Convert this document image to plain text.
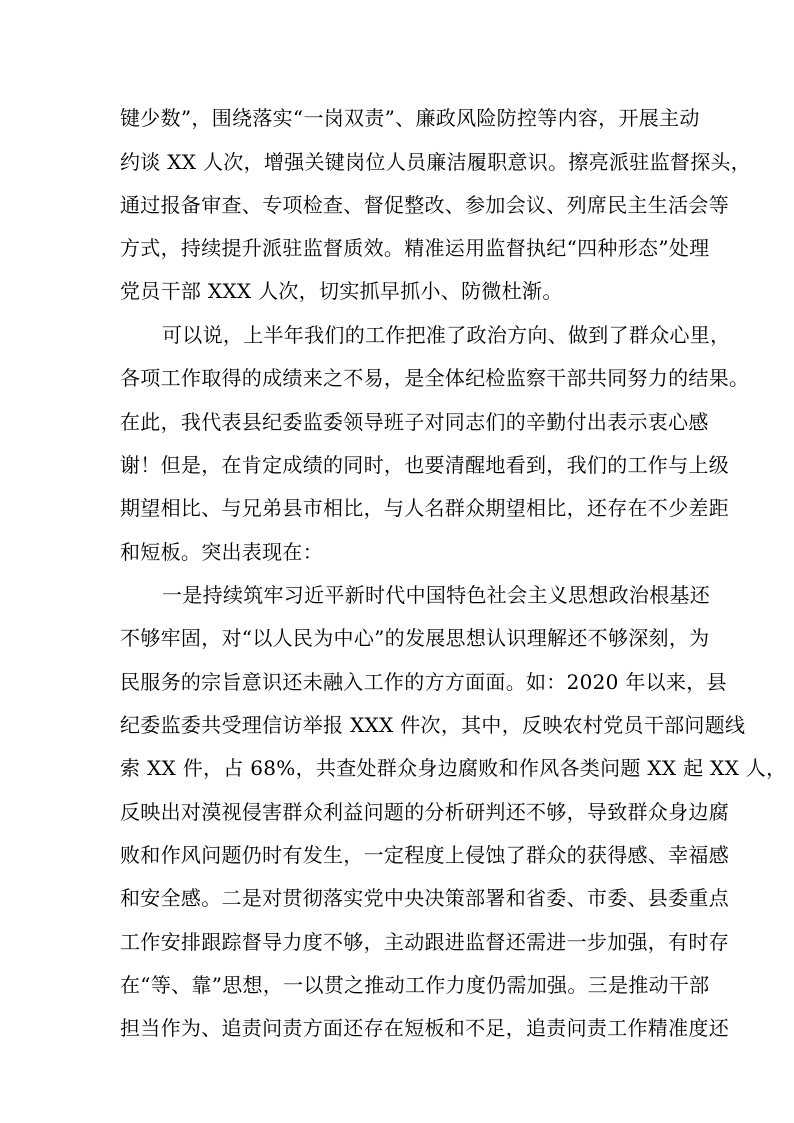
键少数”，围绕落实“一岗双责”、廉政风险防控等内容，开展主动
约谈 XX 人次，增强关键岗位人员廉洁履职意识。擦亮派驻监督探头，
通过报备审查、专项检查、督促整改、参加会议、列席民主生活会等
方式，持续提升派驻监督质效。精准运用监督执纪“四种形态”处理
党员干部 XXX 人次，切实抓早抓小、防微杜渐。
可以说，上半年我们的工作把准了政治方向、做到了群众心里，
各项工作取得的成绩来之不易，是全体纪检监察干部共同努力的结果。
在此，我代表县纪委监委领导班子对同志们的辛勤付出表示衷心感
谢！但是，在肯定成绩的同时，也要清醒地看到，我们的工作与上级
期望相比、与兄弟县市相比，与人名群众期望相比，还存在不少差距
和短板。突出表现在：
一是持续筑牢习近平新时代中国特色社会主义思想政治根基还
不够牢固，对“以人民为中心”的发展思想认识理解还不够深刻，为
民服务的宗旨意识还未融入工作的方方面面。如：2020 年以来，县
纪委监委共受理信访举报 XXX 件次，其中，反映农村党员干部问题线
索 XX 件，占 68%，共查处群众身边腐败和作风各类问题 XX 起 XX 人，
反映出对漠视侵害群众利益问题的分析研判还不够，导致群众身边腐
败和作风问题仍时有发生，一定程度上侵蚀了群众的获得感、幸福感
和安全感。二是对贯彻落实党中央决策部署和省委、市委、县委重点
工作安排跟踪督导力度不够，主动跟进监督还需进一步加强，有时存
在“等、靠”思想，一以贯之推动工作力度仍需加强。三是推动干部
担当作为、追责问责方面还存在短板和不足，追责问责工作精准度还
